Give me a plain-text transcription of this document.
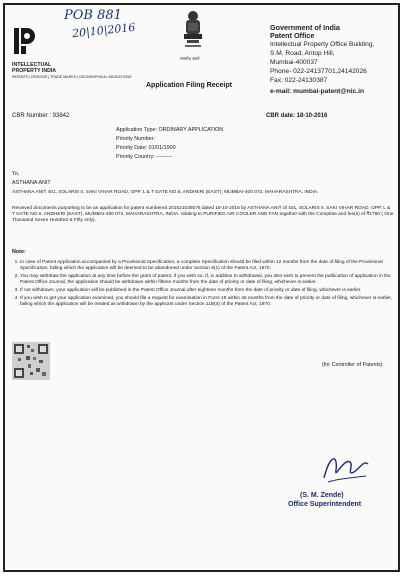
POB 881
20|10|2016
INTELLECTUAL
PROPERTY INDIA
PATENTS | DESIGNS | TRADE MARKS | GEOGRAPHICAL INDICATIONS
सत्यमेव जयते
Government of India
Patent Office
Intellectual Property Office Building,
S.M. Road, Antop Hill,
Mumbai-400037
Phone- 022-24137701,24142026
Fax: 022-24130387
e-mail: mumbai-patent@nic.in
Application Filing Receipt
CBR Number : 93842	CBR date: 18-10-2016
Application Type: ORDINARY APPLICATION
Priority Number:
Priority Date: 01/01/1900
Priority Country: ---------
To,
ASTHANA ANIT
ASTHANA ANIT 401, SOLARIS II, SAKI VIHAR ROAD, OPP. L & T GATE NO.6, ANDHERI (EAST), MUMBAI-400 072, MAHARASHTRA, INDIA.
Received documents purporting to be an application for patent numbered 201621035576 dated 18-10-2016 by ASTHANA ANIT of 401, SOLARIS II, SAKI VIHAR ROAD, OPP. L & T GATE NO.6, ANDHERI (EAST), MUMBAI-400 072, MAHARASHTRA, INDIA. relating to PURIFIED AIR COOLER AND FAN together with the Complete and fee(s) of ₹1750 ( One Thousand Seven Hundred & Fifty only).
Note:
1. In case of Patent Application accompanied by a Provisional Specification, a complete Specification should be filed within 12 months from the date of filing of the Provisional Specification, failing which the application will be deemed to be abandoned under Section 9(1) of the Patent Act, 1970.
2. You may withdraw the application at any time before the grant of patent, if you wish so. If, in addition to withdrawal, you also wish to prevent the publication of application in the Patent Office Journal, the application should be withdrawn within fifteen months from the date of priority or date of filing, whichever is earlier.
3. If not withdrawn, your application will be published in the Patent Office Journal after eighteen months from the date of priority or date of filing, whichever is earlier.
4. If you wish to get your application examined, you should file a request for examination in Form-18 within 48 months from the date of priority or date of filing, whichever is earlier, failing which the application will be treated as withdrawn by the applicant under Section 11B(4) of the Patent Act, 1970.
(for Controller of Patents)
(S. M. Zende)
Office Superintendent
